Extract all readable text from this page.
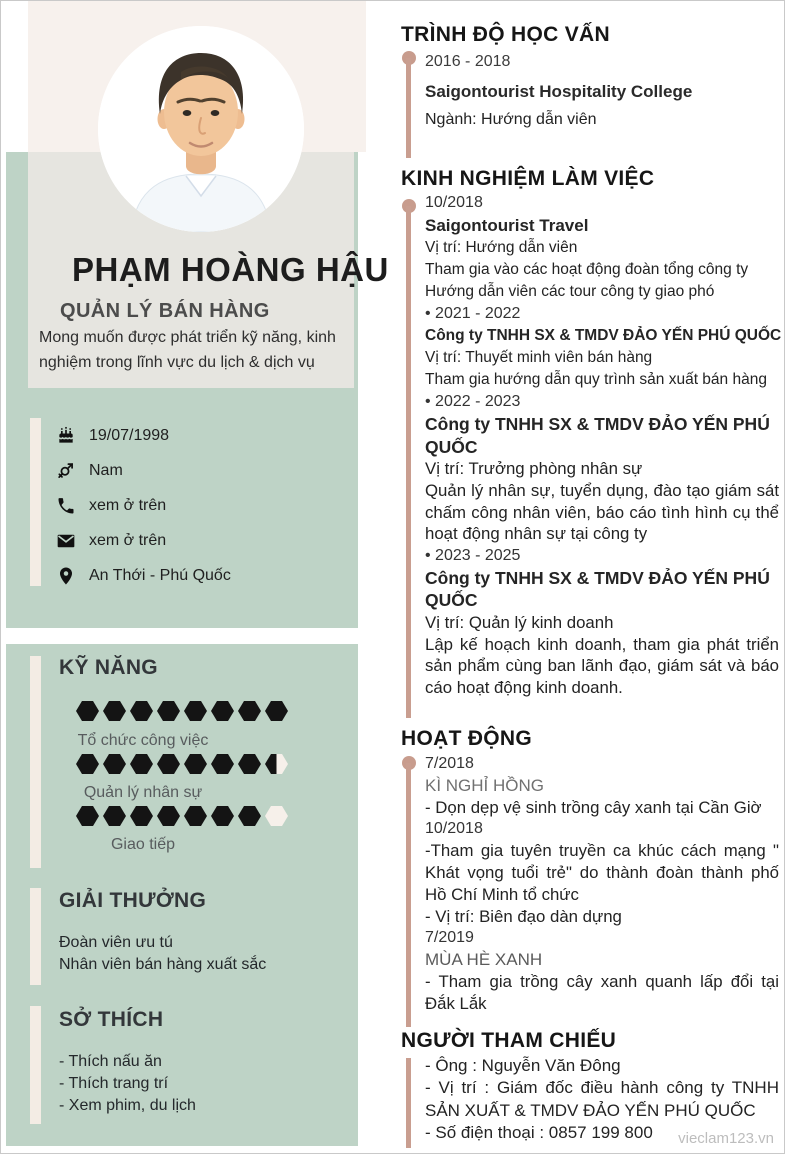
PHẠM HOÀNG HẬU
QUẢN LÝ BÁN HÀNG
Mong muốn được phát triển kỹ năng, kinh nghiệm trong lĩnh vực du lịch & dịch vụ
19/07/1998
Nam
xem ở trên
xem ở trên
An Thới - Phú Quốc
KỸ NĂNG
Tổ chức công việc
Quản lý nhân sự
Giao tiếp
GIẢI THƯỞNG
Đoàn viên ưu tú
Nhân viên bán hàng xuất sắc
SỞ THÍCH
- Thích nấu ăn
- Thích trang trí
- Xem phim, du lịch
TRÌNH ĐỘ HỌC VẤN
2016 - 2018
Saigontourist Hospitality College
Ngành: Hướng dẫn viên
KINH NGHIỆM LÀM VIỆC
10/2018
Saigontourist Travel
Vị trí: Hướng dẫn viên
Tham gia vào các hoạt động đoàn tổng công ty
Hướng dẫn viên các tour công ty giao phó
• 2021 - 2022
Công ty TNHH SX & TMDV ĐẢO YẾN PHÚ QUỐC
Vị trí: Thuyết minh viên bán hàng
Tham gia hướng dẫn quy trình sản xuất bán hàng
• 2022 - 2023
Công ty TNHH SX & TMDV ĐẢO YẾN PHÚ QUỐC
Vị trí: Trưởng phòng nhân sự
Quản lý nhân sự, tuyển dụng, đào tạo giám sát chấm công nhân viên, báo cáo tình hình cụ thể hoạt động nhân sự tại công ty
• 2023 - 2025
Công ty TNHH SX & TMDV ĐẢO YẾN PHÚ QUỐC
Vị trí: Quản lý kinh doanh
Lập kế hoạch kinh doanh, tham gia phát triển sản phẩm cùng ban lãnh đạo, giám sát và báo cáo hoạt động kinh doanh.
HOẠT ĐỘNG
7/2018
KÌ NGHỈ HỒNG
- Dọn dẹp vệ sinh trồng cây xanh tại Cần Giờ
10/2018
-Tham gia tuyên truyền ca khúc cách mạng " Khát vọng tuổi trẻ" do thành đoàn thành phố Hồ Chí Minh tổ chức
- Vị trí: Biên đạo dàn dựng
7/2019
MÙA HÈ XANH
- Tham gia trồng cây xanh quanh lấp đổi tại Đắk Lắk
NGƯỜI THAM CHIẾU
- Ông : Nguyễn Văn Đông
- Vị trí : Giám đốc điều hành công ty TNHH SẢN XUẤT & TMDV ĐẢO YẾN PHÚ QUỐC
- Số điện thoại : 0857 199 800	vieclam123.vn
